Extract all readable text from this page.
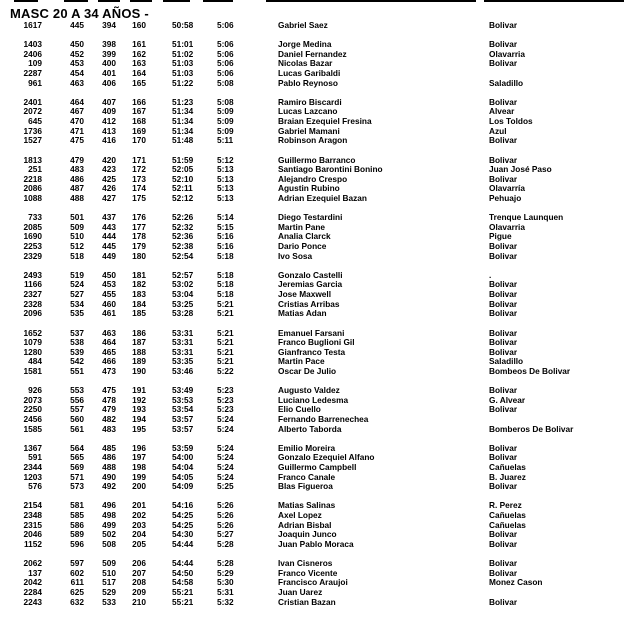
MASC 20 A 34 AÑOS -
1617	445 394 160	50:58	5:06	Gabriel Saez	Bolivar
1403	450 398 161	51:01	5:06	Jorge Medina	Bolivar
2406	452 399 162	51:02	5:06	Daniel Fernandez	Olavarria
109	453 400 163	51:03	5:06	Nicolas Bazar	Bolivar
2287	454 401 164	51:03	5:06	Lucas Garibaldi
961	463 406 165	51:22	5:08	Pablo Reynoso	Saladillo
2401	464 407 166	51:23	5:08	Ramiro Biscardi	Bolivar
2072	467 409 167	51:34	5:09	Lucas Lazcano	Alvear
645	470 412 168	51:34	5:09	Braian Ezequiel Fresina	Los Toldos
1736	471 413 169	51:34	5:09	Gabriel Mamani	Azul
1527	475 416 170	51:48	5:11	Robinson Aragon	Bolivar
1813	479 420 171	51:59	5:12	Guillermo Barranco	Bolivar
251	483 423 172	52:05	5:13	Santiago Barontini Bonino	Juan José Paso
2218	486 425 173	52:10	5:13	Alejandro Crespo	Bolivar
2086	487 426 174	52:11	5:13	Agustin Rubino	Olavarría
1088	488 427 175	52:12	5:13	Adrian Ezequiel Bazan	Pehuajo
733	501 437 176	52:26	5:14	Diego Testardini	Trenque Launquen
2085	509 443 177	52:32	5:15	Martin Pane	Olavarria
1690	510 444 178	52:36	5:16	Analia Clarck	Pigue
2253	512 445 179	52:38	5:16	Dario Ponce	Bolivar
2329	518 449 180	52:54	5:18	Ivo Sosa	Bolivar
2493	519 450 181	52:57	5:18	Gonzalo Castelli	.
1166	524 453 182	53:02	5:18	Jeremias Garcia	Bolivar
2327	527 455 183	53:04	5:18	Jose Maxwell	Bolivar
2328	534 460 184	53:25	5:21	Cristias Arribas	Bolivar
2096	535 461 185	53:28	5:21	Matias Adan	Bolivar
1652	537 463 186	53:31	5:21	Emanuel Farsani	Bolivar
1079	538 464 187	53:31	5:21	Franco Buglioni Gil	Bolivar
1280	539 465 188	53:31	5:21	Gianfranco Testa	Bolivar
484	542 466 189	53:35	5:21	Martin Pace	Saladillo
1581	551 473 190	53:46	5:22	Oscar De Julio	Bombeos De Bolivar
926	553 475 191	53:49	5:23	Augusto Valdez	Bolivar
2073	556 478 192	53:53	5:23	Luciano Ledesma	G. Alvear
2250	557 479 193	53:54	5:23	Elio Cuello	Bolivar
2456	560 482 194	53:57	5:24	Fernando Barrenechea
1585	561 483 195	53:57	5:24	Alberto Taborda	Bomberos De Bolivar
1367	564 485 196	53:59	5:24	Emilio Moreira	Bolivar
591	565 486 197	54:00	5:24	Gonzalo Ezequiel Alfano	Bolivar
2344	569 488 198	54:04	5:24	Guillermo Campbell	Cañuelas
1203	571 490 199	54:05	5:24	Franco Canale	B. Juarez
576	573 492 200	54:09	5:25	Blas Figueroa	Bolivar
2154	581 496 201	54:16	5:26	Matias Salinas	R. Perez
2348	585 498 202	54:25	5:26	Axel Lopez	Cañuelas
2315	586 499 203	54:25	5:26	Adrian Bisbal	Cañuelas
2046	589 502 204	54:30	5:27	Joaquin Junco	Bolivar
1152	596 508 205	54:44	5:28	Juan Pablo Moraca	Bolivar
2062	597 509 206	54:44	5:28	Ivan Cisneros	Bolivar
137	602 510 207	54:50	5:29	Franco Vicente	Bolivar
2042	611 517 208	54:58	5:30	Francisco Araujoi	Monez Cason
2284	625 529 209	55:21	5:31	Juan Uarez
2243	632 533 210	55:21	5:32	Cristian Bazan	Bolivar
